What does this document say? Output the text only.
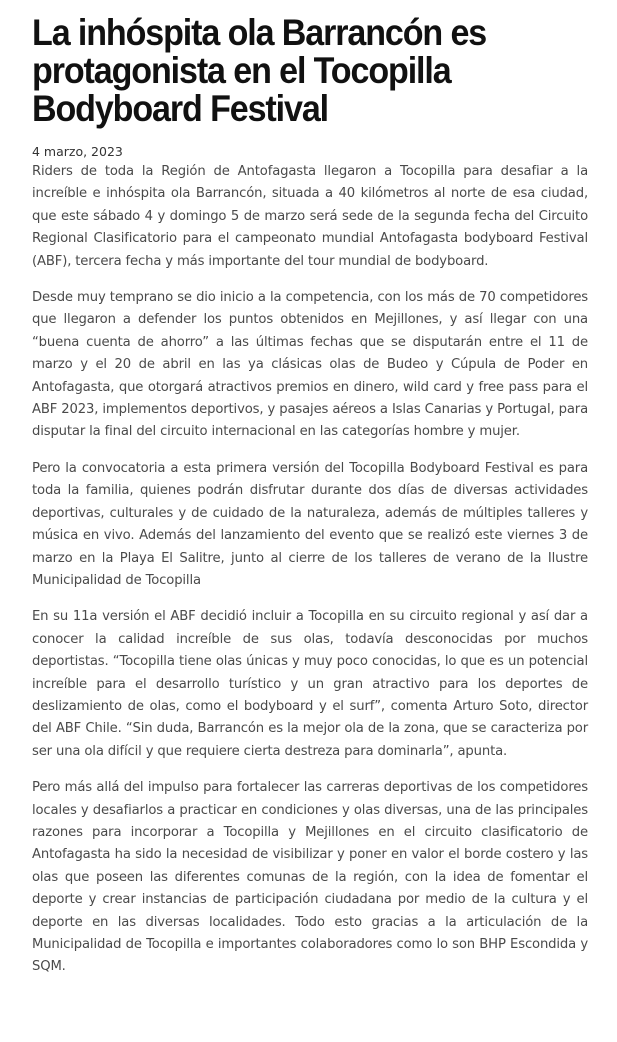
La inhóspita ola Barrancón es protagonista en el Tocopilla Bodyboard Festival
4 marzo, 2023

Riders de toda la Región de Antofagasta llegaron a Tocopilla para desafiar a la increíble e inhóspita ola Barrancón, situada a 40 kilómetros al norte de esa ciudad, que este sábado 4 y domingo 5 de marzo será sede de la segunda fecha del Circuito Regional Clasificatorio para el campeonato mundial Antofagasta bodyboard Festival (ABF), tercera fecha y más importante del tour mundial de bodyboard.

Desde muy temprano se dio inicio a la competencia, con los más de 70 competidores que llegaron a defender los puntos obtenidos en Mejillones, y así llegar con una “buena cuenta de ahorro” a las últimas fechas que se disputarán entre el 11 de marzo y el 20 de abril en las ya clásicas olas de Budeo y Cúpula de Poder en Antofagasta, que otorgará atractivos premios en dinero, wild card y free pass para el ABF 2023, implementos deportivos, y pasajes aéreos a Islas Canarias y Portugal, para disputar la final del circuito internacional en las categorías hombre y mujer.

Pero la convocatoria a esta primera versión del Tocopilla Bodyboard Festival es para toda la familia, quienes podrán disfrutar durante dos días de diversas actividades deportivas, culturales y de cuidado de la naturaleza, además de múltiples talleres y música en vivo. Además del lanzamiento del evento que se realizó este viernes 3 de marzo en la Playa El Salitre, junto al cierre de los talleres de verano de la Ilustre Municipalidad de Tocopilla

En su 11a versión el ABF decidió incluir a Tocopilla en su circuito regional y así dar a conocer la calidad increíble de sus olas, todavía desconocidas por muchos deportistas. “Tocopilla tiene olas únicas y muy poco conocidas, lo que es un potencial increíble para el desarrollo turístico y un gran atractivo para los deportes de deslizamiento de olas, como el bodyboard y el surf”, comenta Arturo Soto, director del ABF Chile. “Sin duda, Barrancón es la mejor ola de la zona, que se caracteriza por ser una ola difícil y que requiere cierta destreza para dominarla”, apunta.

Pero más allá del impulso para fortalecer las carreras deportivas de los competidores locales y desafiarlos a practicar en condiciones y olas diversas, una de las principales razones para incorporar a Tocopilla y Mejillones en el circuito clasificatorio de Antofagasta ha sido la necesidad de visibilizar y poner en valor el borde costero y las olas que poseen las diferentes comunas de la región, con la idea de fomentar el deporte y crear instancias de participación ciudadana por medio de la cultura y el deporte en las diversas localidades. Todo esto gracias a la articulación de la Municipalidad de Tocopilla e importantes colaboradores como lo son BHP Escondida y SQM.
